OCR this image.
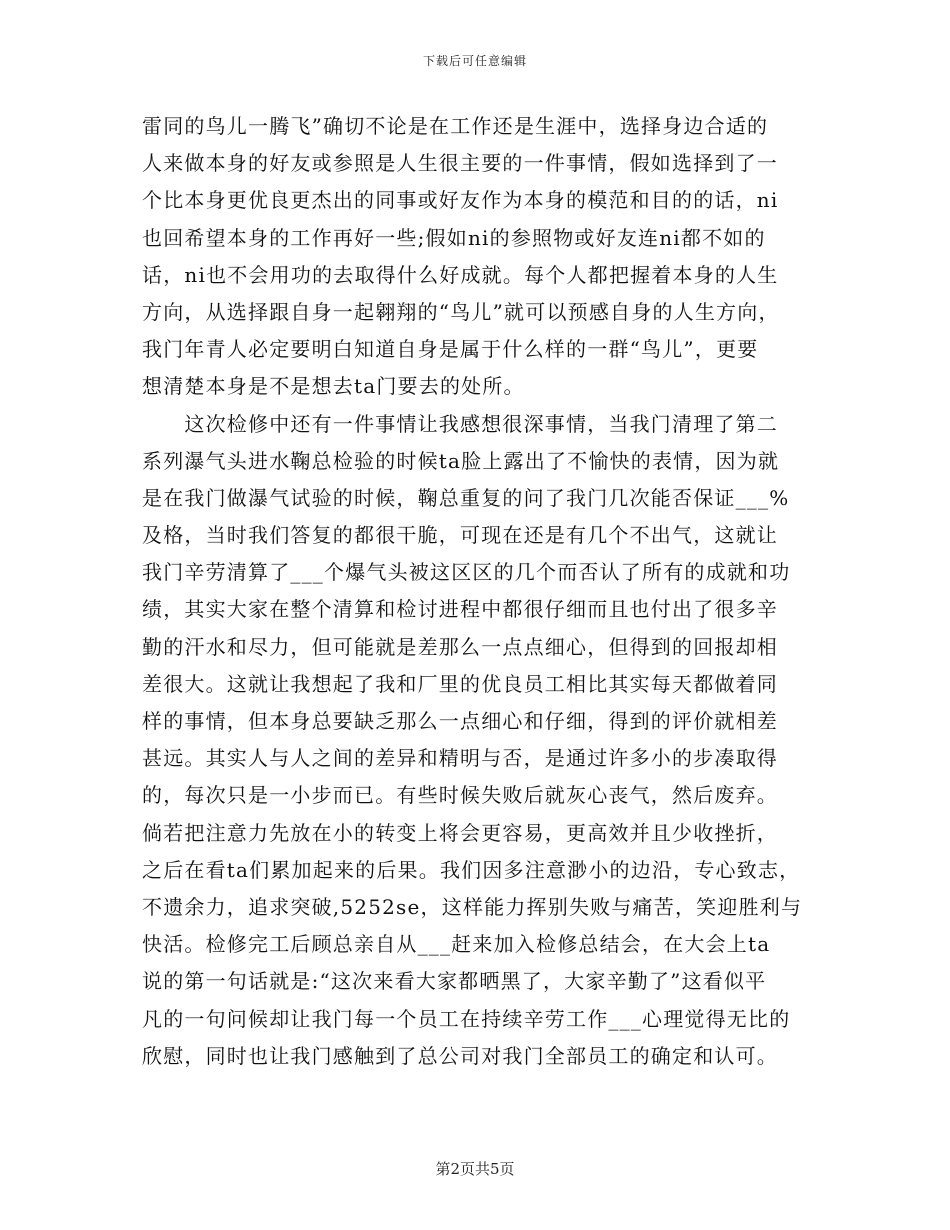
下载后可任意编辑
雷同的鸟儿一腾飞”确切不论是在工作还是生涯中，选择身边合适的
人来做本身的好友或参照是人生很主要的一件事情，假如选择到了一
个比本身更优良更杰出的同事或好友作为本身的模范和目的的话，ni
也回希望本身的工作再好一些;假如ni的参照物或好友连ni都不如的
话，ni也不会用功的去取得什么好成就。每个人都把握着本身的人生
方向，从选择跟自身一起翱翔的“鸟儿”就可以预感自身的人生方向，
我门年青人必定要明白知道自身是属于什么样的一群“鸟儿”，更要
想清楚本身是不是想去ta门要去的处所。
　　这次检修中还有一件事情让我感想很深事情，当我门清理了第二
系列瀑气头进水鞠总检验的时候ta脸上露出了不愉快的表情，因为就
是在我门做瀑气试验的时候，鞠总重复的问了我门几次能否保证___%
及格，当时我们答复的都很干脆，可现在还是有几个不出气，这就让
我门辛劳清算了___个爆气头被这区区的几个而否认了所有的成就和功
绩，其实大家在整个清算和检讨进程中都很仔细而且也付出了很多辛
勤的汗水和尽力，但可能就是差那么一点点细心，但得到的回报却相
差很大。这就让我想起了我和厂里的优良员工相比其实每天都做着同
样的事情，但本身总要缺乏那么一点细心和仔细，得到的评价就相差
甚远。其实人与人之间的差异和精明与否，是通过许多小的步凑取得
的，每次只是一小步而已。有些时候失败后就灰心丧气，然后废弃。
倘若把注意力先放在小的转变上将会更容易，更高效并且少收挫折，
之后在看ta们累加起来的后果。我们因多注意渺小的边沿，专心致志，
不遗余力，追求突破,5252se，这样能力挥别失败与痛苦，笑迎胜利与
快活。检修完工后顾总亲自从___赶来加入检修总结会，在大会上ta
说的第一句话就是:“这次来看大家都晒黑了，大家辛勤了”这看似平
凡的一句问候却让我门每一个员工在持续辛劳工作___心理觉得无比的
欣慰，同时也让我门感触到了总公司对我门全部员工的确定和认可。
第2页共5页
